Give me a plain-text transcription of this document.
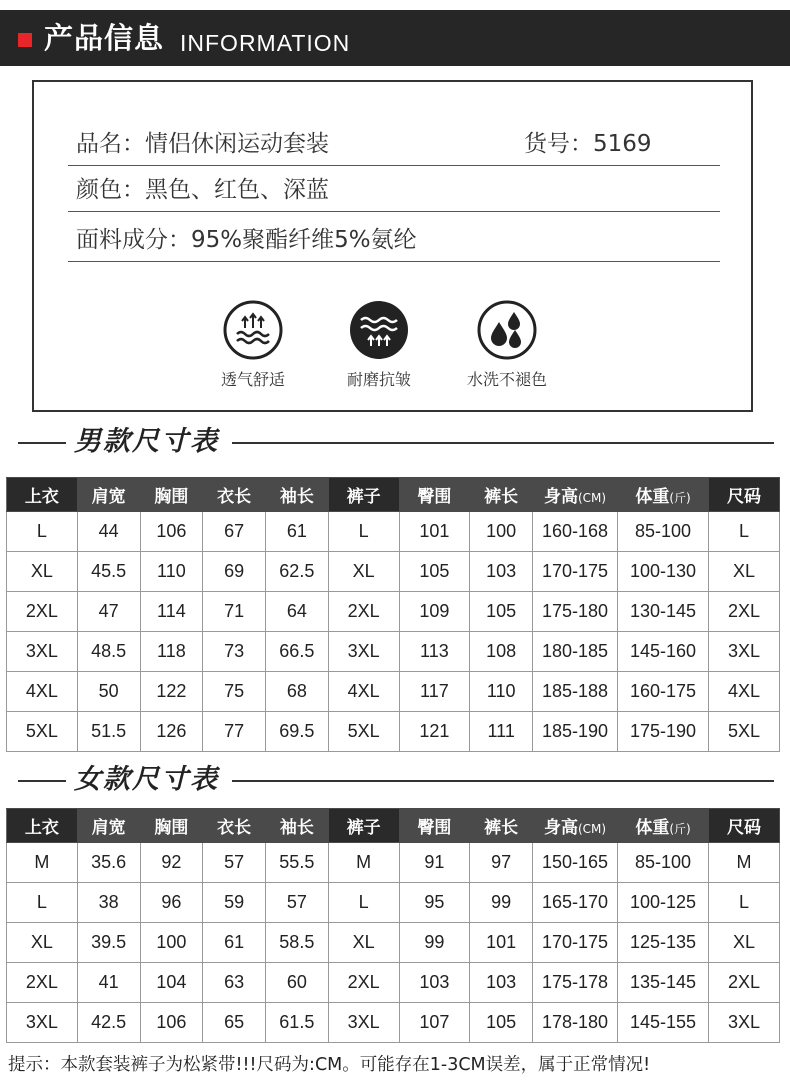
产品信息 INFORMATION
品名：情侣休闲运动套装	货号：5169
颜色：黑色、红色、深蓝
面料成分：95%聚酯纤维5%氨纶
透气舒适	耐磨抗皱	水洗不褪色
男款尺寸表
上衣	肩宽	胸围	衣长	袖长	裤子	臀围	裤长	身高(CM)	体重(斤)	尺码
L	44	106	67	61	L	101	100	160-168	85-100	L
XL	45.5	110	69	62.5	XL	105	103	170-175	100-130	XL
2XL	47	114	71	64	2XL	109	105	175-180	130-145	2XL
3XL	48.5	118	73	66.5	3XL	113	108	180-185	145-160	3XL
4XL	50	122	75	68	4XL	117	110	185-188	160-175	4XL
5XL	51.5	126	77	69.5	5XL	121	111	185-190	175-190	5XL
女款尺寸表
上衣	肩宽	胸围	衣长	袖长	裤子	臀围	裤长	身高(CM)	体重(斤)	尺码
M	35.6	92	57	55.5	M	91	97	150-165	85-100	M
L	38	96	59	57	L	95	99	165-170	100-125	L
XL	39.5	100	61	58.5	XL	99	101	170-175	125-135	XL
2XL	41	104	63	60	2XL	103	103	175-178	135-145	2XL
3XL	42.5	106	65	61.5	3XL	107	105	178-180	145-155	3XL
提示：本款套装裤子为松紧带!!!尺码为:CM。可能存在1-3CM误差，属于正常情况!
